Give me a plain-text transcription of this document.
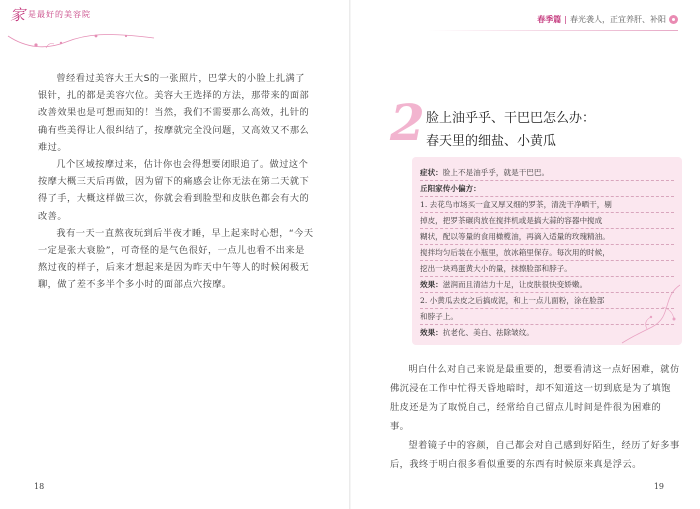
家 是最好的美容院

曾经看过美容大王大S的一张照片，巴掌大的小脸上扎满了银针，扎的都是美容穴位。美容大王选择的方法，那带来的面部改善效果也是可想而知的！当然，我们不需要那么高效，扎针的确有些美得让人很纠结了，按摩就完全没问题，又高效又不那么难过。

几个区域按摩过来，估计你也会得想要闭眼追了。做过这个按摩大概三天后再做，因为留下的痛感会让你无法在第二天就下得了手，大概这样做三次，你就会看到脸型和皮肤色都会有大的改善。

我有一天一直熬夜玩到后半夜才睡，早上起来时心想，“今天一定是张大衰脸”，可奇怪的是气色很好，一点儿也看不出来是熬过夜的样子，后来才想起来是因为昨天中午等人的时候闲极无聊，做了差不多半个多小时的面部点穴按摩。

18
春季篇 | 春光袭人，正宜养肝、补阳
2 脸上油乎乎、干巴巴怎么办：
春天里的细盐、小黄瓜
症状：脸上不是油乎乎，就是干巴巴。
丘阳家传小偏方：
1. 去花鸟市场买一盒又厚又细的罗茶，清洗干净晒干，剔
掉皮，把罗茶碾肉放在搅拌机或是搞大蒜的容器中搅成
糊状，配以等量的食用橄榄油，再滴入适量的玫瑰精油。
搅拌均匀后装在小瓶里，放冰箱里保存。每次用的时候，
挖出一块鸡蛋黄大小的量，抹擦脸部和脖子。
效果：滋润而且清洁力十足，让皮肤很快变娇嫩。
2. 小黄瓜去皮之后搞成泥，和上一点儿面粉，涂在脸部
和脖子上。
效果：抗老化、美白、祛除皱纹。

明白什么对自己来说是最重要的，想要看清这一点好困难，就仿佛沉浸在工作中忙得天昏地暗时，却不知道这一切到底是为了填饱肚皮还是为了取悦自己，经常给自己留点儿时间是件很为困难的事。

望着镜子中的容颜，自己都会对自己感到好陌生，经历了好多事后，我终于明白很多看似重要的东西有时候原来真是浮云。

19
